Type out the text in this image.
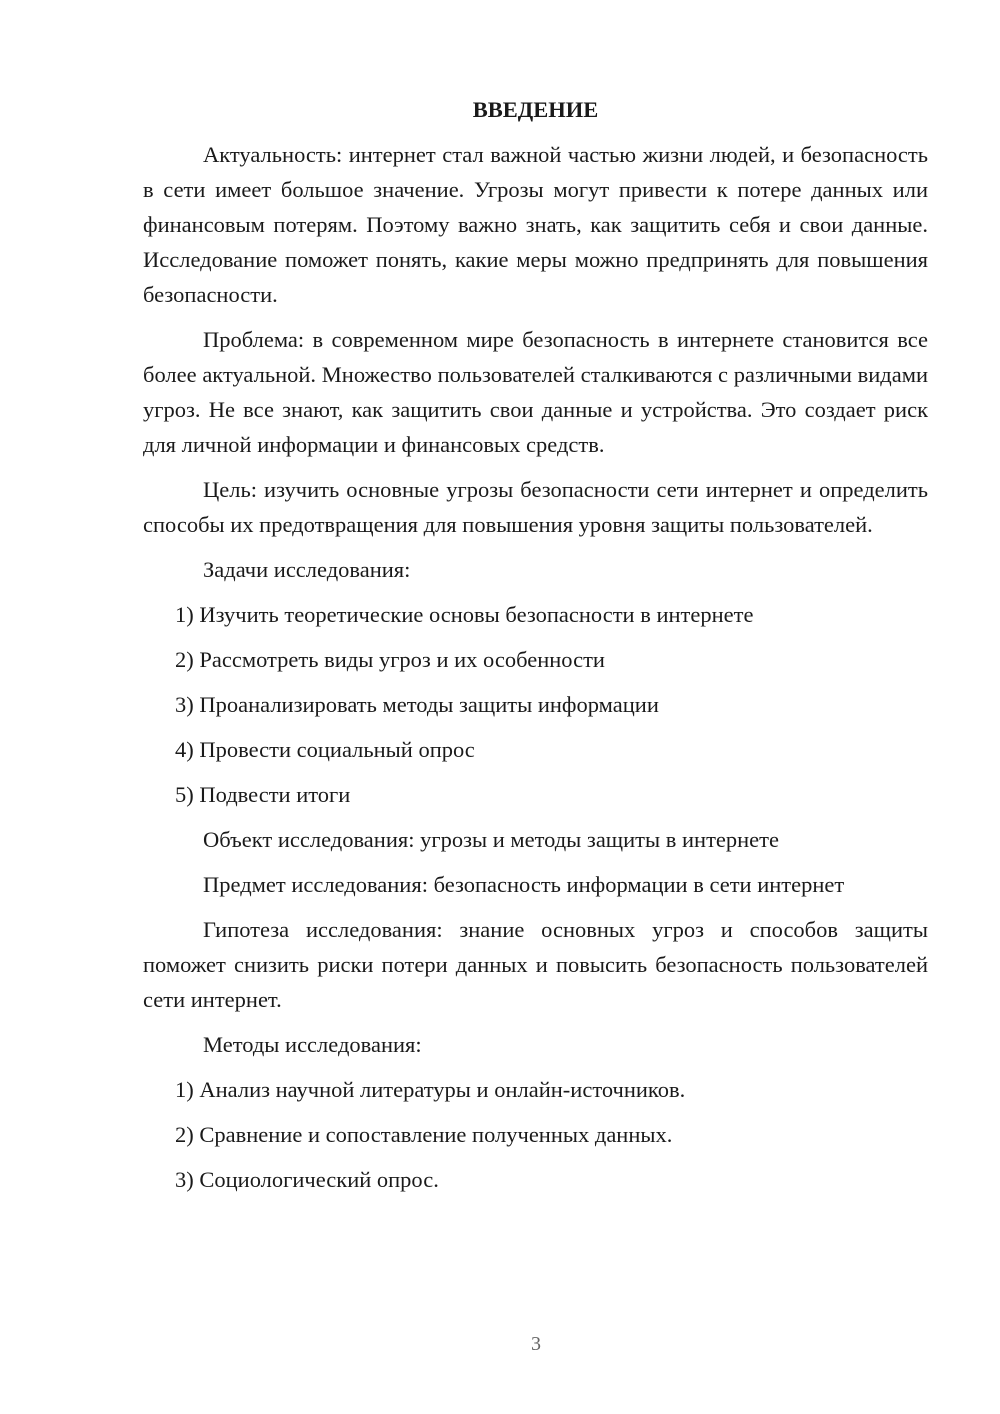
ВВЕДЕНИЕ

Актуальность: интернет стал важной частью жизни людей, и безопасность в сети имеет большое значение. Угрозы могут привести к потере данных или финансовым потерям. Поэтому важно знать, как защитить себя и свои данные. Исследование поможет понять, какие меры можно предпринять для повышения безопасности.

Проблема: в современном мире безопасность в интернете становится все более актуальной. Множество пользователей сталкиваются с различными видами угроз. Не все знают, как защитить свои данные и устройства. Это создает риск для личной информации и финансовых средств.

Цель: изучить основные угрозы безопасности сети интернет и определить способы их предотвращения для повышения уровня защиты пользователей.

Задачи исследования:

1) Изучить теоретические основы безопасности в интернете
2) Рассмотреть виды угроз и их особенности
3) Проанализировать методы защиты информации
4) Провести социальный опрос
5) Подвести итоги

Объект исследования: угрозы и методы защиты в интернете

Предмет исследования: безопасность информации в сети интернет

Гипотеза исследования: знание основных угроз и способов защиты поможет снизить риски потери данных и повысить безопасность пользователей сети интернет.

Методы исследования:

1) Анализ научной литературы и онлайн-источников.
2) Сравнение и сопоставление полученных данных.
3) Социологический опрос.
3
